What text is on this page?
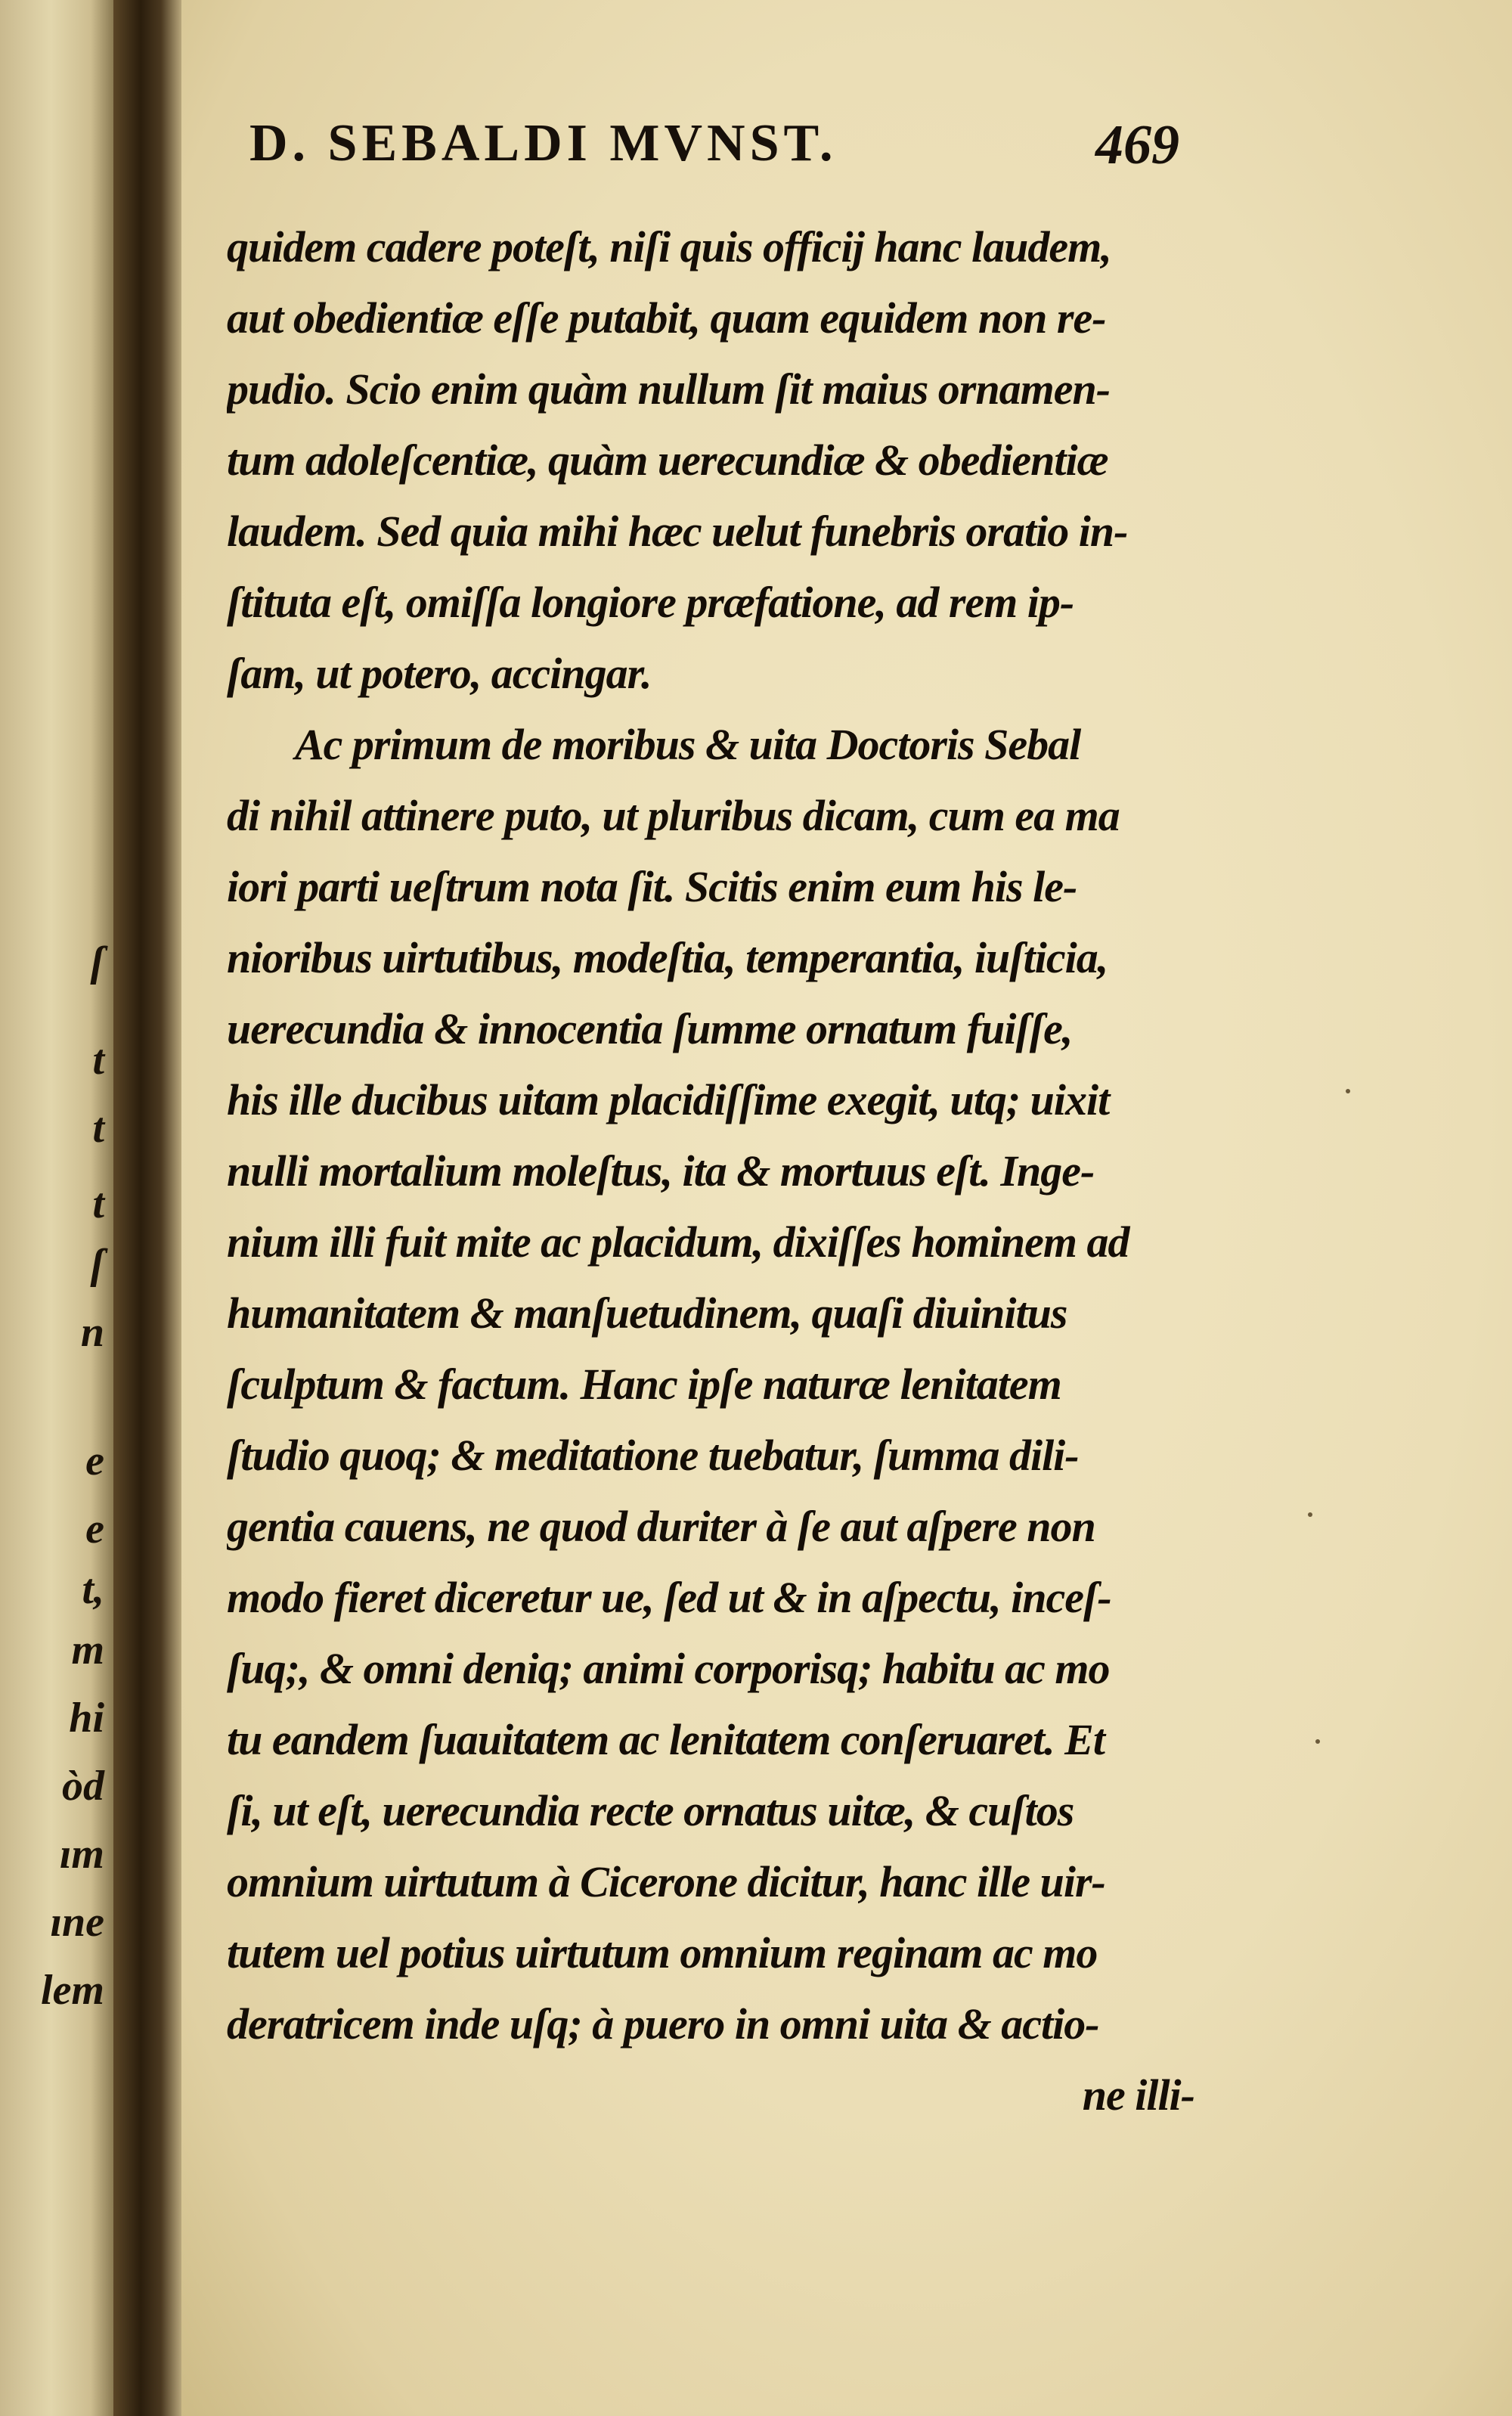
ſ
t
t
t
ſ
n
e
e
t,
m
hi
òd
ım
ıne
lem
D. SEBALDI MVNST.	469
quidem cadere poteſt, niſi quis officij hanc laudem,
aut obedientiæ eſſe putabit, quam equidem non re-
pudio. Scio enim quàm nullum ſit maius ornamen-
tum adoleſcentiæ, quàm uerecundiæ & obedientiæ
laudem. Sed quia mihi hæc uelut funebris oratio in-
ſtituta eſt, omiſſa longiore præfatione, ad rem ip-
ſam, ut potero, accingar.
Ac primum de moribus & uita Doctoris Sebal
di nihil attinere puto, ut pluribus dicam, cum ea ma
iori parti ueſtrum nota ſit. Scitis enim eum his le-
nioribus uirtutibus, modeſtia, temperantia, iuſticia,
uerecundia & innocentia ſumme ornatum fuiſſe,
his ille ducibus uitam placidiſſime exegit, utq; uixit
nulli mortalium moleſtus, ita & mortuus eſt. Inge-
nium illi fuit mite ac placidum, dixiſſes hominem ad
humanitatem & manſuetudinem, quaſi diuinitus
ſculptum & factum. Hanc ipſe naturæ lenitatem
ſtudio quoq; & meditatione tuebatur, ſumma dili-
gentia cauens, ne quod duriter à ſe aut aſpere non
modo fieret diceretur ue, ſed ut & in aſpectu, inceſ-
ſuq;, & omni deniq; animi corporisq; habitu ac mo
tu eandem ſuauitatem ac lenitatem conſeruaret. Et
ſi, ut eſt, uerecundia recte ornatus uitæ, & cuſtos
omnium uirtutum à Cicerone dicitur, hanc ille uir-
tutem uel potius uirtutum omnium reginam ac mo
deratricem inde uſq; à puero in omni uita & actio-
ne illi-
